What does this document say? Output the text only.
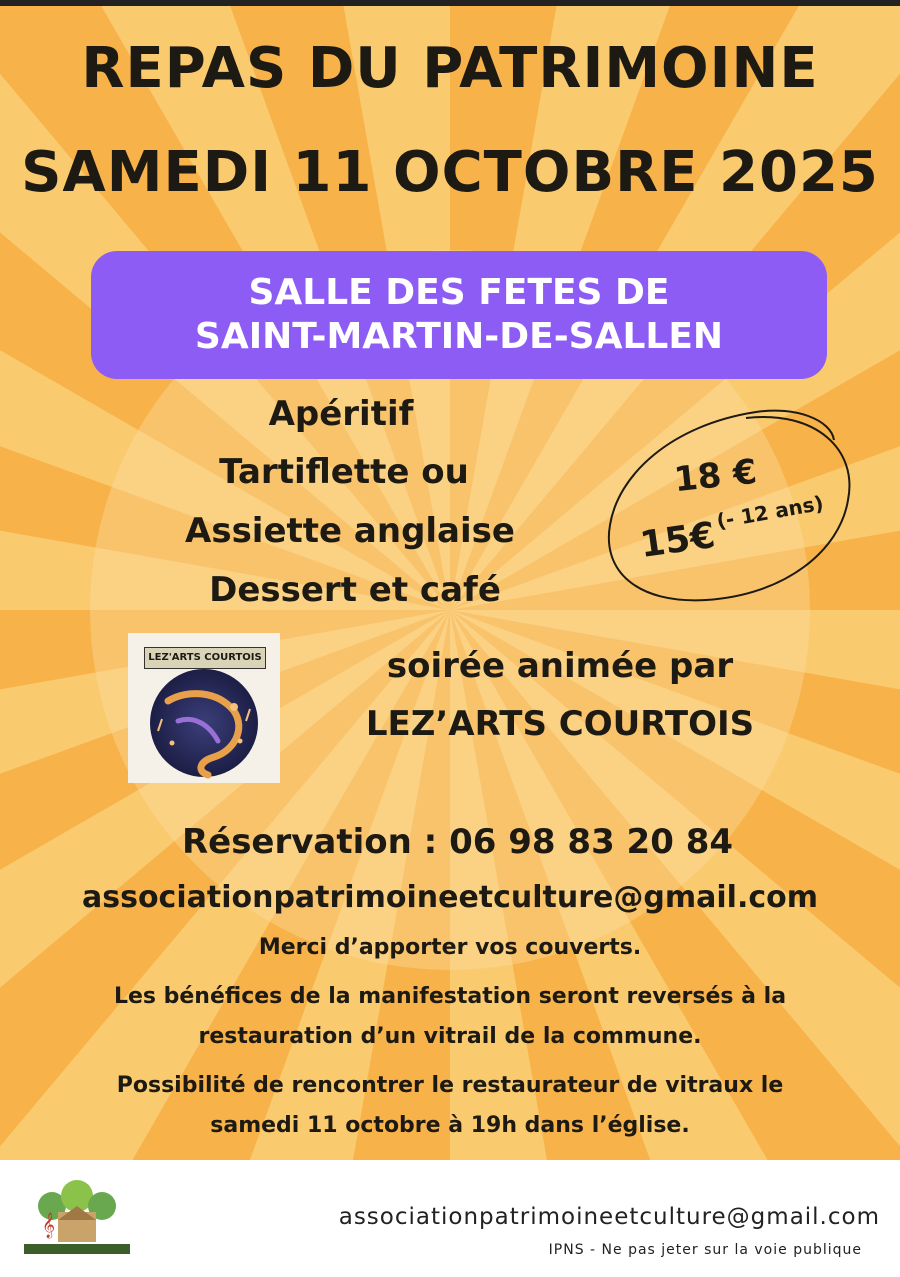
REPAS DU PATRIMOINE
SAMEDI 11 OCTOBRE 2025
SALLE DES FETES DE
SAINT-MARTIN-DE-SALLEN
Apéritif
Tartiflette ou
Assiette anglaise
Dessert et café
18 €
15€
(- 12 ans)
LEZ'ARTS COURTOIS	soirée animée par
LEZ’ARTS COURTOIS
Réservation : 06 98 83 20 84
associationpatrimoineetculture@gmail.com
Merci d’apporter vos couverts.
Les bénéfices de la manifestation seront reversés à la
restauration d’un vitrail de la commune.
Possibilité de rencontrer le restaurateur de vitraux le
samedi 11 octobre à 19h dans l’église.
𝄞	associationpatrimoineetculture@gmail.com
IPNS - Ne pas jeter sur la voie publique
